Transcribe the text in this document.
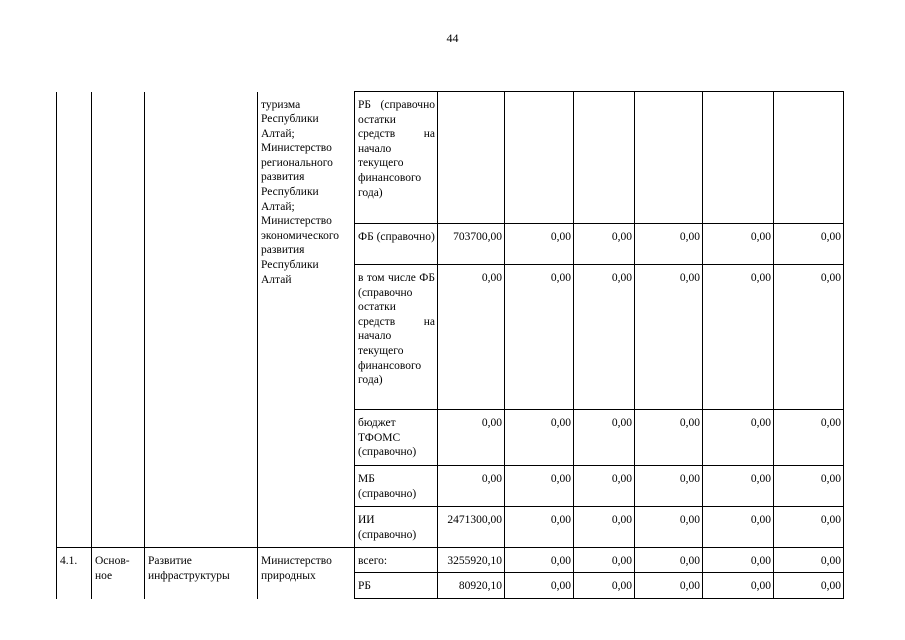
44
			туризма Республики Алтай; Министерство регионального развития Республики Алтай; Министерство экономического развития Республики Алтай	РБ (справочно остатки средств на начало текущего финансового года)						
				ФБ (справочно)	703700,00	0,00	0,00	0,00	0,00	0,00
				в том числе ФБ (справочно остатки средств на начало текущего финансового года)	0,00	0,00	0,00	0,00	0,00	0,00
				бюджет ТФОМС (справочно)	0,00	0,00	0,00	0,00	0,00	0,00
				МБ (справочно)	0,00	0,00	0,00	0,00	0,00	0,00
				ИИ (справочно)	2471300,00	0,00	0,00	0,00	0,00	0,00
4.1.	Основ-ное	Развитие инфраструктуры	Министерство природных	всего:	3255920,10	0,00	0,00	0,00	0,00	0,00
				РБ	80920,10	0,00	0,00	0,00	0,00	0,00
